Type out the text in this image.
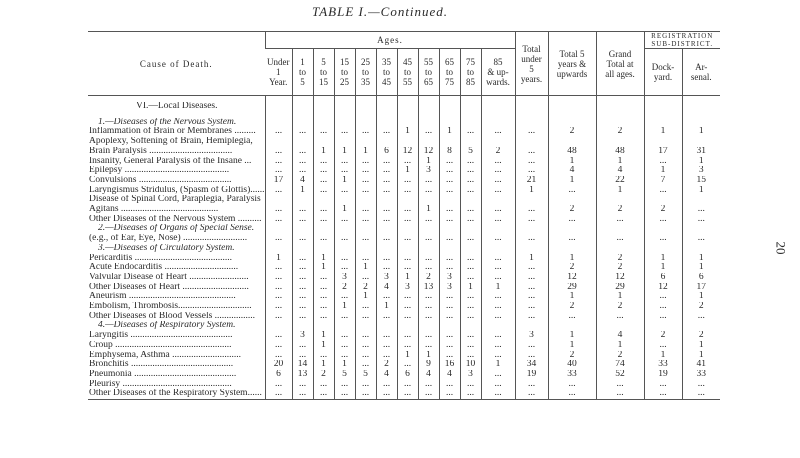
TABLE I.—Continued.
20
Cause of Death.	Ages.											Total
under
5
years.	Total 5
years &
upwards	Grand
Total at
all ages.	REGISTRATION SUB-DISTRICT.	
	Under
1
Year.	1
to
5	5
to
15	15
to
25	25
to
35	35
to
45	45
to
55	55
to
65	65
to
75	75
to
85	85
& up-
wards.				Dock-
yard.	Ar-
senal.

VI.—Local Diseases.																

1.—Diseases of the Nervous System.																
Inflammation of Brain or Membranes .........	...	...	...	...	...	...	1	...	1	...	...	...	2	2	1	1
Apoplexy, Softening of Brain, Hemiplegia,																
Brain Paralysis ...................................	...	...	1	1	1	6	12	12	8	5	2	...	48	48	17	31
Insanity, General Paralysis of the Insane ...	...	...	...	...	...	...	...	1	...	...	...	...	1	1	...	1
Epilepsy ............................................	...	...	...	...	...	...	1	3	...	...	...	...	4	4	1	3
Convulsions .......................................	17	4	...	1	...	...	...	...	...	...	...	21	1	22	7	15
Laryngismus Stridulus, (Spasm of Glottis)......	...	1	...	...	...	...	...	...	...	...	...	1	...	1	...	1
Disease of Spinal Cord, Paraplegia, Paralysis																
Agitans .........................................	...	...	...	1	...	...	...	1	...	...	...	...	2	2	2	...
Other Diseases of the Nervous System ..........	...	...	...	...	...	...	...	...	...	...	...	...	...	...	...	...
2.—Diseases of Organs of Special Sense.																
(e.g., of Ear, Eye, Nose) ...........................	...	...	...	...	...	...	...	...	...	...	...	...	...	...	...	...
3.—Diseases of Circulatory System.																
Pericarditis .........................................	1	...	1	...	...	...	...	...	...	...	...	1	1	2	1	1
Acute Endocarditis ...............................	...	...	1	...	1	...	...	...	...	...	...	...	2	2	1	1
Valvular Disease of Heart .........................	...	...	...	3	...	3	1	2	3	...	...	...	12	12	6	6
Other Diseases of Heart ............................	...	...	...	2	2	4	3	13	3	1	1	...	29	29	12	17
Aneurism .............................................	...	...	...	...	1	...	...	...	...	...	...	...	1	1	...	1
Embolism, Thrombosis...............................	...	...	...	1	...	1	...	...	...	...	...	...	2	2	...	2
Other Diseases of Blood Vessels .................	...	...	...	...	...	...	...	...	...	...	...	...	...	...	...	...
4.—Diseases of Respiratory System.																
Laryngitis ...........................................	...	3	1	...	...	...	...	...	...	...	...	3	1	4	2	2
Croup .................................................	...	...	1	...	...	...	...	...	...	...	...	...	1	1	...	1
Emphysema, Asthma .............................	...	...	...	...	...	...	1	1	...	...	...	...	2	2	1	1
Bronchitis ...........................................	20	14	1	1	...	2	...	9	16	10	1	34	40	74	33	41
Pneumonia ...........................................	6	13	2	5	5	4	6	4	4	3	...	19	33	52	19	33
Pleurisy ..............................................	...	...	...	...	...	...	...	...	...	...	...	...	...	...	...	...
Other Diseases of the Respiratory System......	...	...	...	...	...	...	...	...	...	...	...	...	...	...	...	...
